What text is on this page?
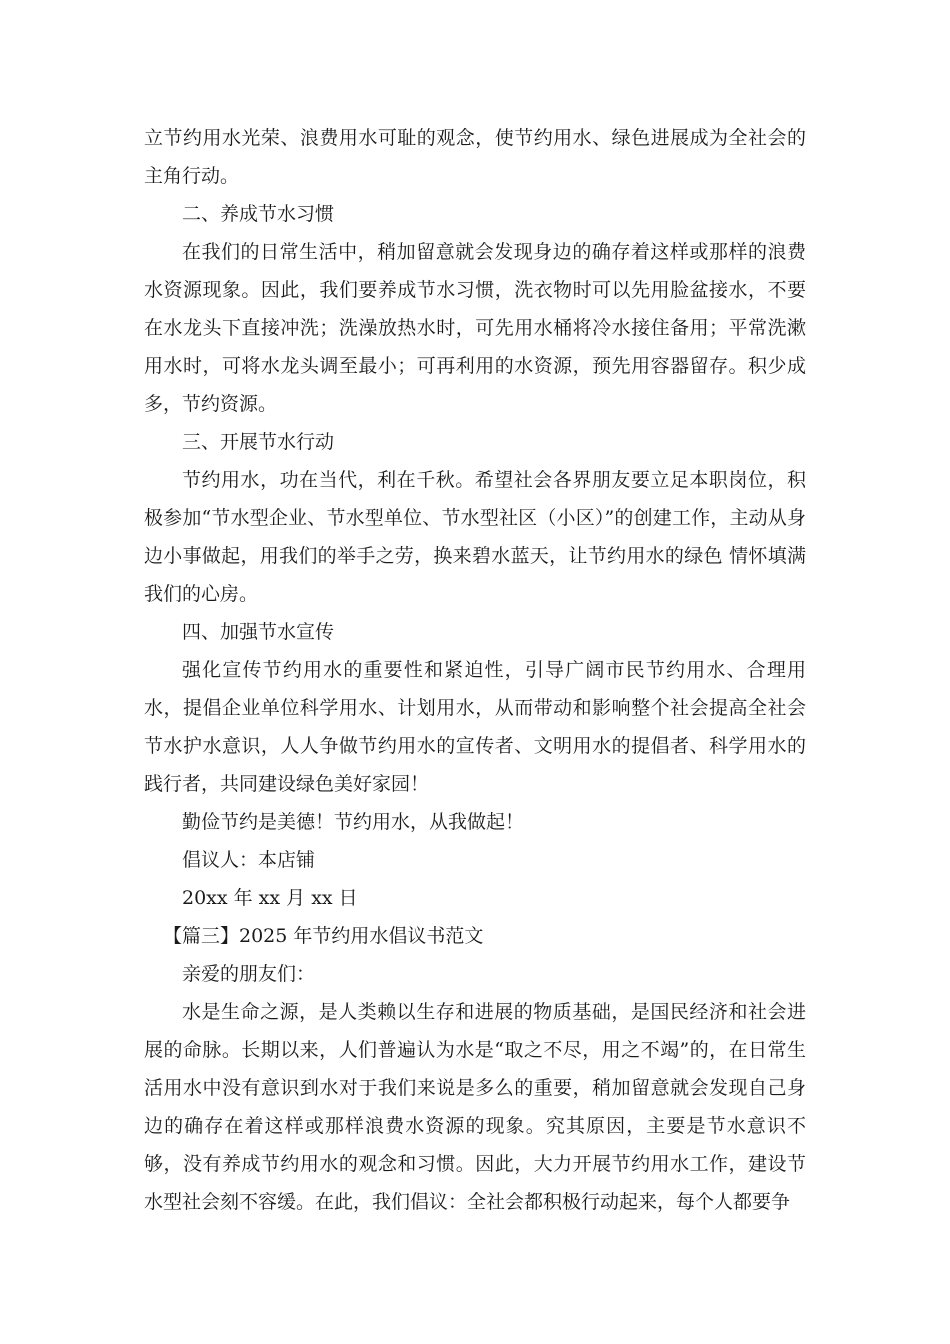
立节约用水光荣、浪费用水可耻的观念，使节约用水、绿色进展成为全社会的主角行动。

二、养成节水习惯

在我们的日常生活中，稍加留意就会发现身边的确存着这样或那样的浪费水资源现象。因此，我们要养成节水习惯，洗衣物时可以先用脸盆接水，不要在水龙头下直接冲洗；洗澡放热水时，可先用水桶将冷水接住备用；平常洗漱用水时，可将水龙头调至最小；可再利用的水资源，预先用容器留存。积少成多，节约资源。

三、开展节水行动

节约用水，功在当代，利在千秋。希望社会各界朋友要立足本职岗位，积极参加“节水型企业、节水型单位、节水型社区（小区）”的创建工作，主动从身边小事做起，用我们的举手之劳，换来碧水蓝天，让节约用水的绿色 情怀填满我们的心房。

四、加强节水宣传

强化宣传节约用水的重要性和紧迫性，引导广阔市民节约用水、合理用水，提倡企业单位科学用水、计划用水，从而带动和影响整个社会提高全社会节水护水意识，人人争做节约用水的宣传者、文明用水的提倡者、科学用水的践行者，共同建设绿色美好家园！

勤俭节约是美德！节约用水，从我做起！

倡议人：本店铺

20xx 年 xx 月 xx 日

【篇三】2025 年节约用水倡议书范文

亲爱的朋友们：

水是生命之源，是人类赖以生存和进展的物质基础，是国民经济和社会进展的命脉。长期以来，人们普遍认为水是“取之不尽，用之不竭”的，在日常生活用水中没有意识到水对于我们来说是多么的重要，稍加留意就会发现自己身边的确存在着这样或那样浪费水资源的现象。究其原因，主要是节水意识不够，没有养成节约用水的观念和习惯。因此，大力开展节约用水工作，建设节水型社会刻不容缓。在此，我们倡议：全社会都积极行动起来，每个人都要争
